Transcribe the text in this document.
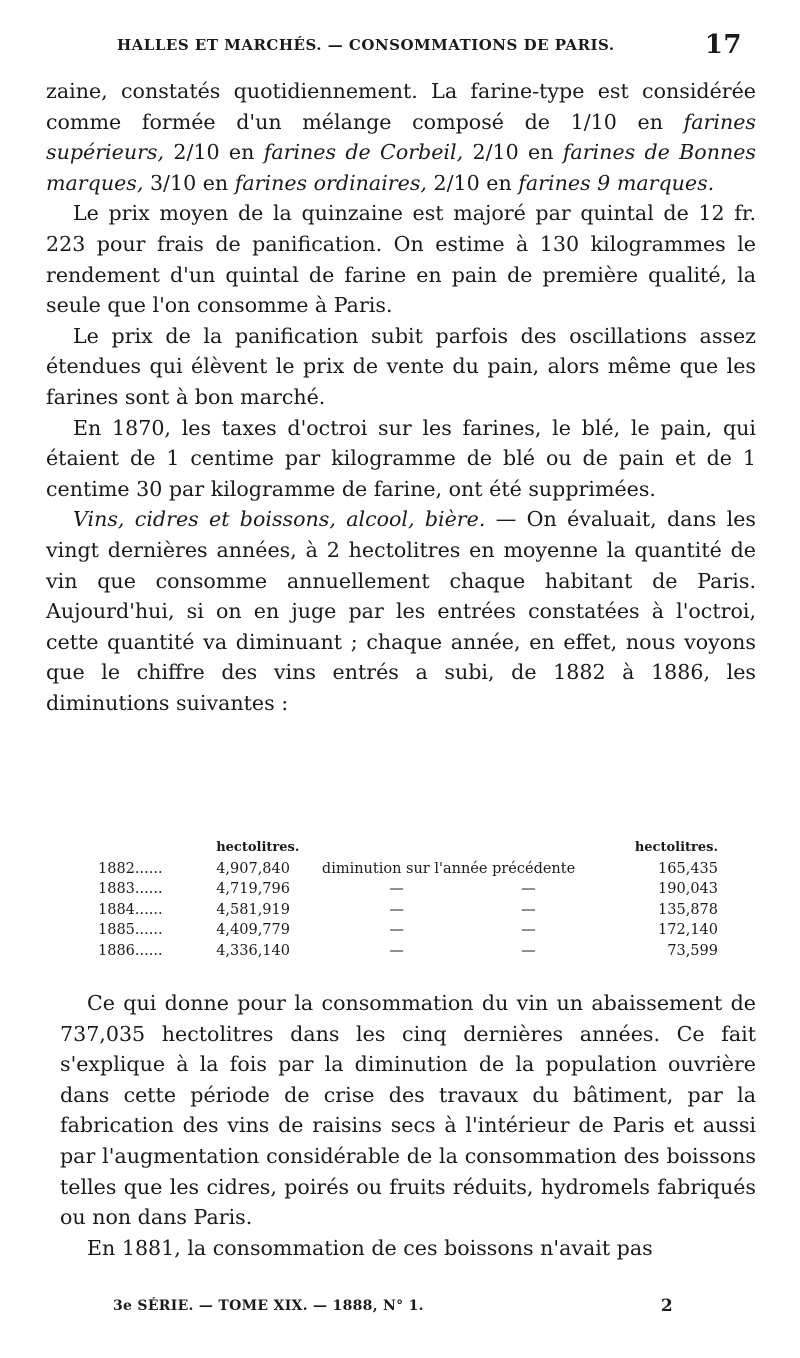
HALLES ET MARCHÉS. — CONSOMMATIONS DE PARIS.	17

zaine, constatés quotidiennement. La farine-type est considérée comme formée d'un mélange composé de 1/10 en farines supérieurs, 2/10 en farines de Corbeil, 2/10 en farines de Bonnes marques, 3/10 en farines ordinaires, 2/10 en farines 9 marques.

Le prix moyen de la quinzaine est majoré par quintal de 12 fr. 223 pour frais de panification. On estime à 130 kilogrammes le rendement d'un quintal de farine en pain de première qualité, la seule que l'on consomme à Paris.

Le prix de la panification subit parfois des oscillations assez étendues qui élèvent le prix de vente du pain, alors même que les farines sont à bon marché.

En 1870, les taxes d'octroi sur les farines, le blé, le pain, qui étaient de 1 centime par kilogramme de blé ou de pain et de 1 centime 30 par kilogramme de farine, ont été supprimées.

Vins, cidres et boissons, alcool, bière. — On évaluait, dans les vingt dernières années, à 2 hectolitres en moyenne la quantité de vin que consomme annuellement chaque habitant de Paris. Aujourd'hui, si on en juge par les entrées constatées à l'octroi, cette quantité va diminuant ; chaque année, en effet, nous voyons que le chiffre des vins entrés a subi, de 1882 à 1886, les diminutions suivantes :

	hectolitres.		hectolitres.
1882......	4,907,840	diminution sur l'année précédente	165,435
1883......	4,719,796	— —	190,043
1884......	4,581,919	— —	135,878
1885......	4,409,779	— —	172,140
1886......	4,336,140	— —	73,599

Ce qui donne pour la consommation du vin un abaissement de 737,035 hectolitres dans les cinq dernières années. Ce fait s'explique à la fois par la diminution de la population ouvrière dans cette période de crise des travaux du bâtiment, par la fabrication des vins de raisins secs à l'intérieur de Paris et aussi par l'augmentation considérable de la consommation des boissons telles que les cidres, poirés ou fruits réduits, hydromels fabriqués ou non dans Paris.

En 1881, la consommation de ces boissons n'avait pas

3e SÉRIE. — TOME XIX. — 1888, N° 1.	2
